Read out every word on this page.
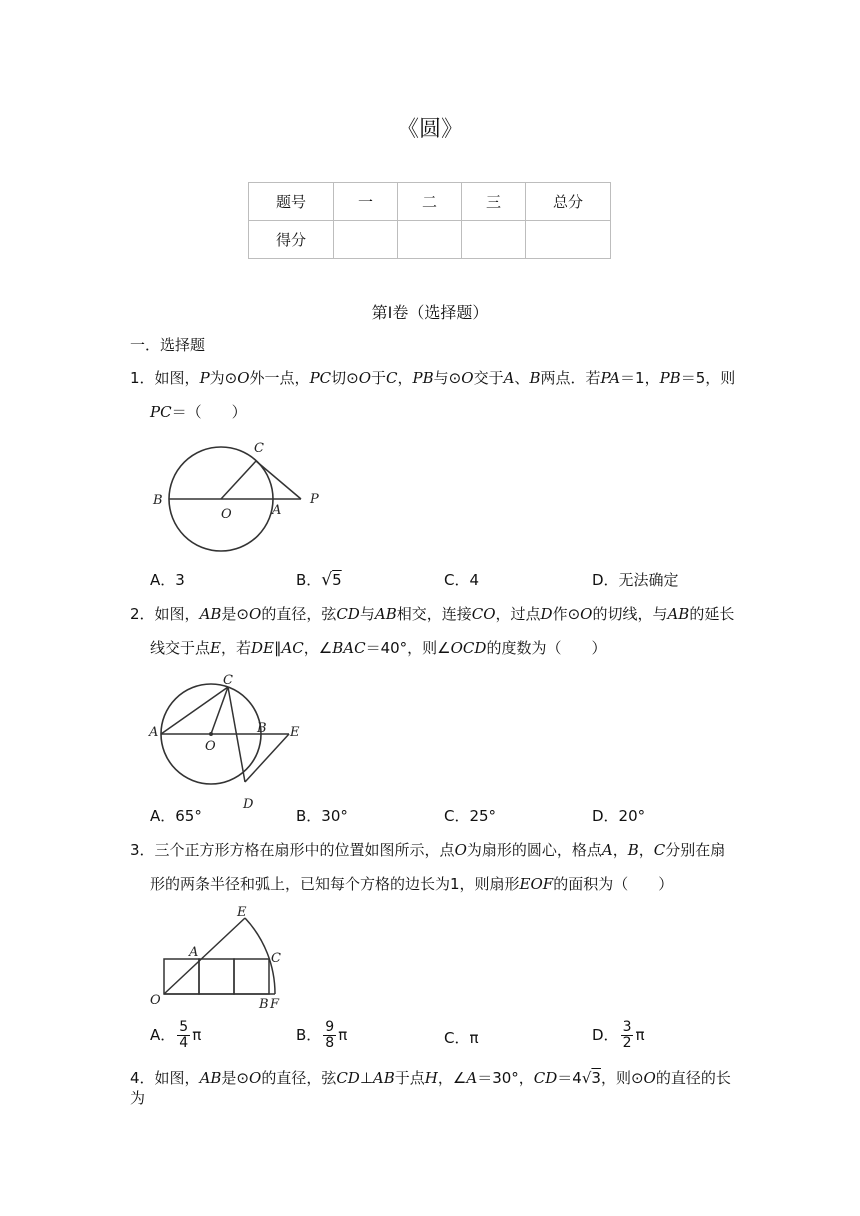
《圆》
题号	一	二	三	总分
得分				
第Ⅰ卷（选择题）
一．选择题
1．如图，P为⊙O外一点，PC切⊙O于C，PB与⊙O交于A、B两点．若PA＝1，PB＝5，则
PC＝（　　）
B
O	A
C
P
A．3	B．√5	C．4	D．无法确定
2．如图，AB是⊙O的直径，弦CD与AB相交，连接CO，过点D作⊙O的切线，与AB的延长
线交于点E，若DE∥AC，∠BAC＝40°，则∠OCD的度数为（　　）
A
O
B E
C
D
A．65°	B．30°	C．25°	D．20°
3．三个正方形方格在扇形中的位置如图所示，点O为扇形的圆心，格点A，B，C分别在扇
形的两条半径和弧上，已知每个方格的边长为1，则扇形EOF的面积为（　　）
E
A	C
O	B F
A． $\frac{5}{4}$ π	B． $\frac{9}{8}$ π	C．π	D． $\frac{3}{2}$ π
4．如图，AB是⊙O的直径，弦CD⊥AB于点H，∠A＝30°，CD＝4√3，则⊙O的直径的长为
